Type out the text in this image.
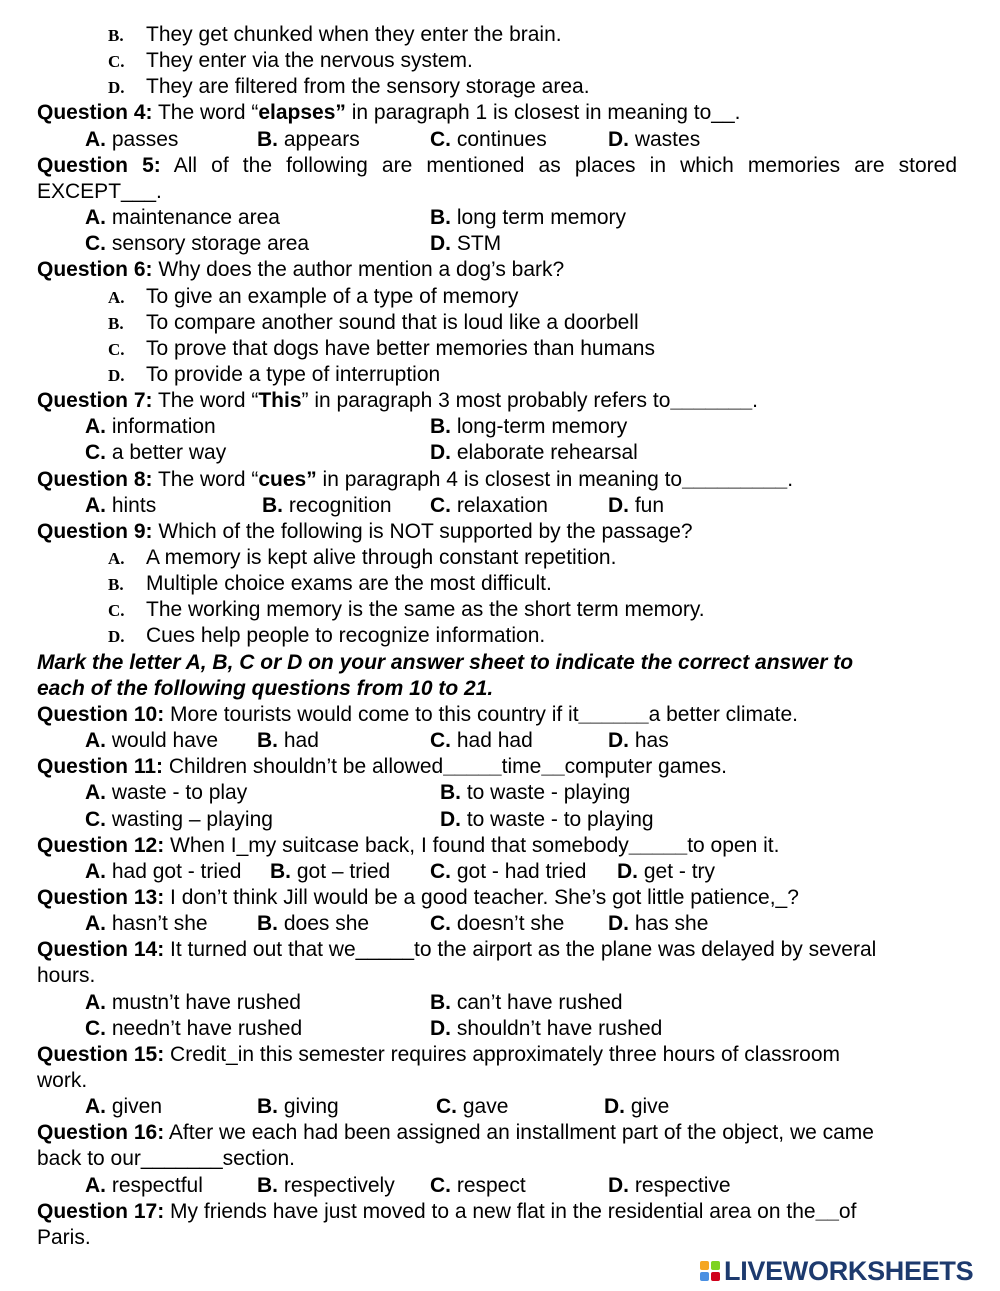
B. They get chunked when they enter the brain.
C. They enter via the nervous system.
D. They are filtered from the sensory storage area.
Question 4: The word “elapses” in paragraph 1 is closest in meaning to__.
A. passes	B. appears	C. continues	D. wastes
Question 5: All of the following are mentioned as places in which memories are stored
EXCEPT___.
A. maintenance area	B. long term memory
C. sensory storage area	D. STM
Question 6: Why does the author mention a dog’s bark?
A. To give an example of a type of memory
B. To compare another sound that is loud like a doorbell
C. To prove that dogs have better memories than humans
D. To provide a type of interruption
Question 7: The word “This” in paragraph 3 most probably refers to_______.
A. information	B. long-term memory
C. a better way	D. elaborate rehearsal
Question 8: The word “cues” in paragraph 4 is closest in meaning to_________.
A. hints	B. recognition C. relaxation	D. fun
Question 9: Which of the following is NOT supported by the passage?
A. A memory is kept alive through constant repetition.
B. Multiple choice exams are the most difficult.
C. The working memory is the same as the short term memory.
D. Cues help people to recognize information.
Mark the letter A, B, C or D on your answer sheet to indicate the correct answer to
each of the following questions from 10 to 21.
Question 10: More tourists would come to this country if it______a better climate.
A. would have B. had	C. had had	D. has
Question 11: Children shouldn’t be allowed_____time__computer games.
A. waste - to play	B. to waste - playing
C. wasting – playing	D. to waste - to playing
Question 12: When I_my suitcase back, I found that somebody_____to open it.
A. had got - tried B. got – tried C. got - had tried D. get - try
Question 13: I don’t think Jill would be a good teacher. She’s got little patience,_?
A. hasn’t she B. does she	C. doesn’t she D. has she
Question 14: It turned out that we_____to the airport as the plane was delayed by several
hours.
A. mustn’t have rushed	B. can’t have rushed
C. needn’t have rushed	D. shouldn’t have rushed
Question 15: Credit_in this semester requires approximately three hours of classroom
work.
A. given	B. giving	C. gave	D. give
Question 16: After we each had been assigned an installment part of the object, we came
back to our_______section.
A. respectful	B. respectively C. respect	D. respective
Question 17: My friends have just moved to a new flat in the residential area on the__of
Paris.
LIVEWORKSHEETS
